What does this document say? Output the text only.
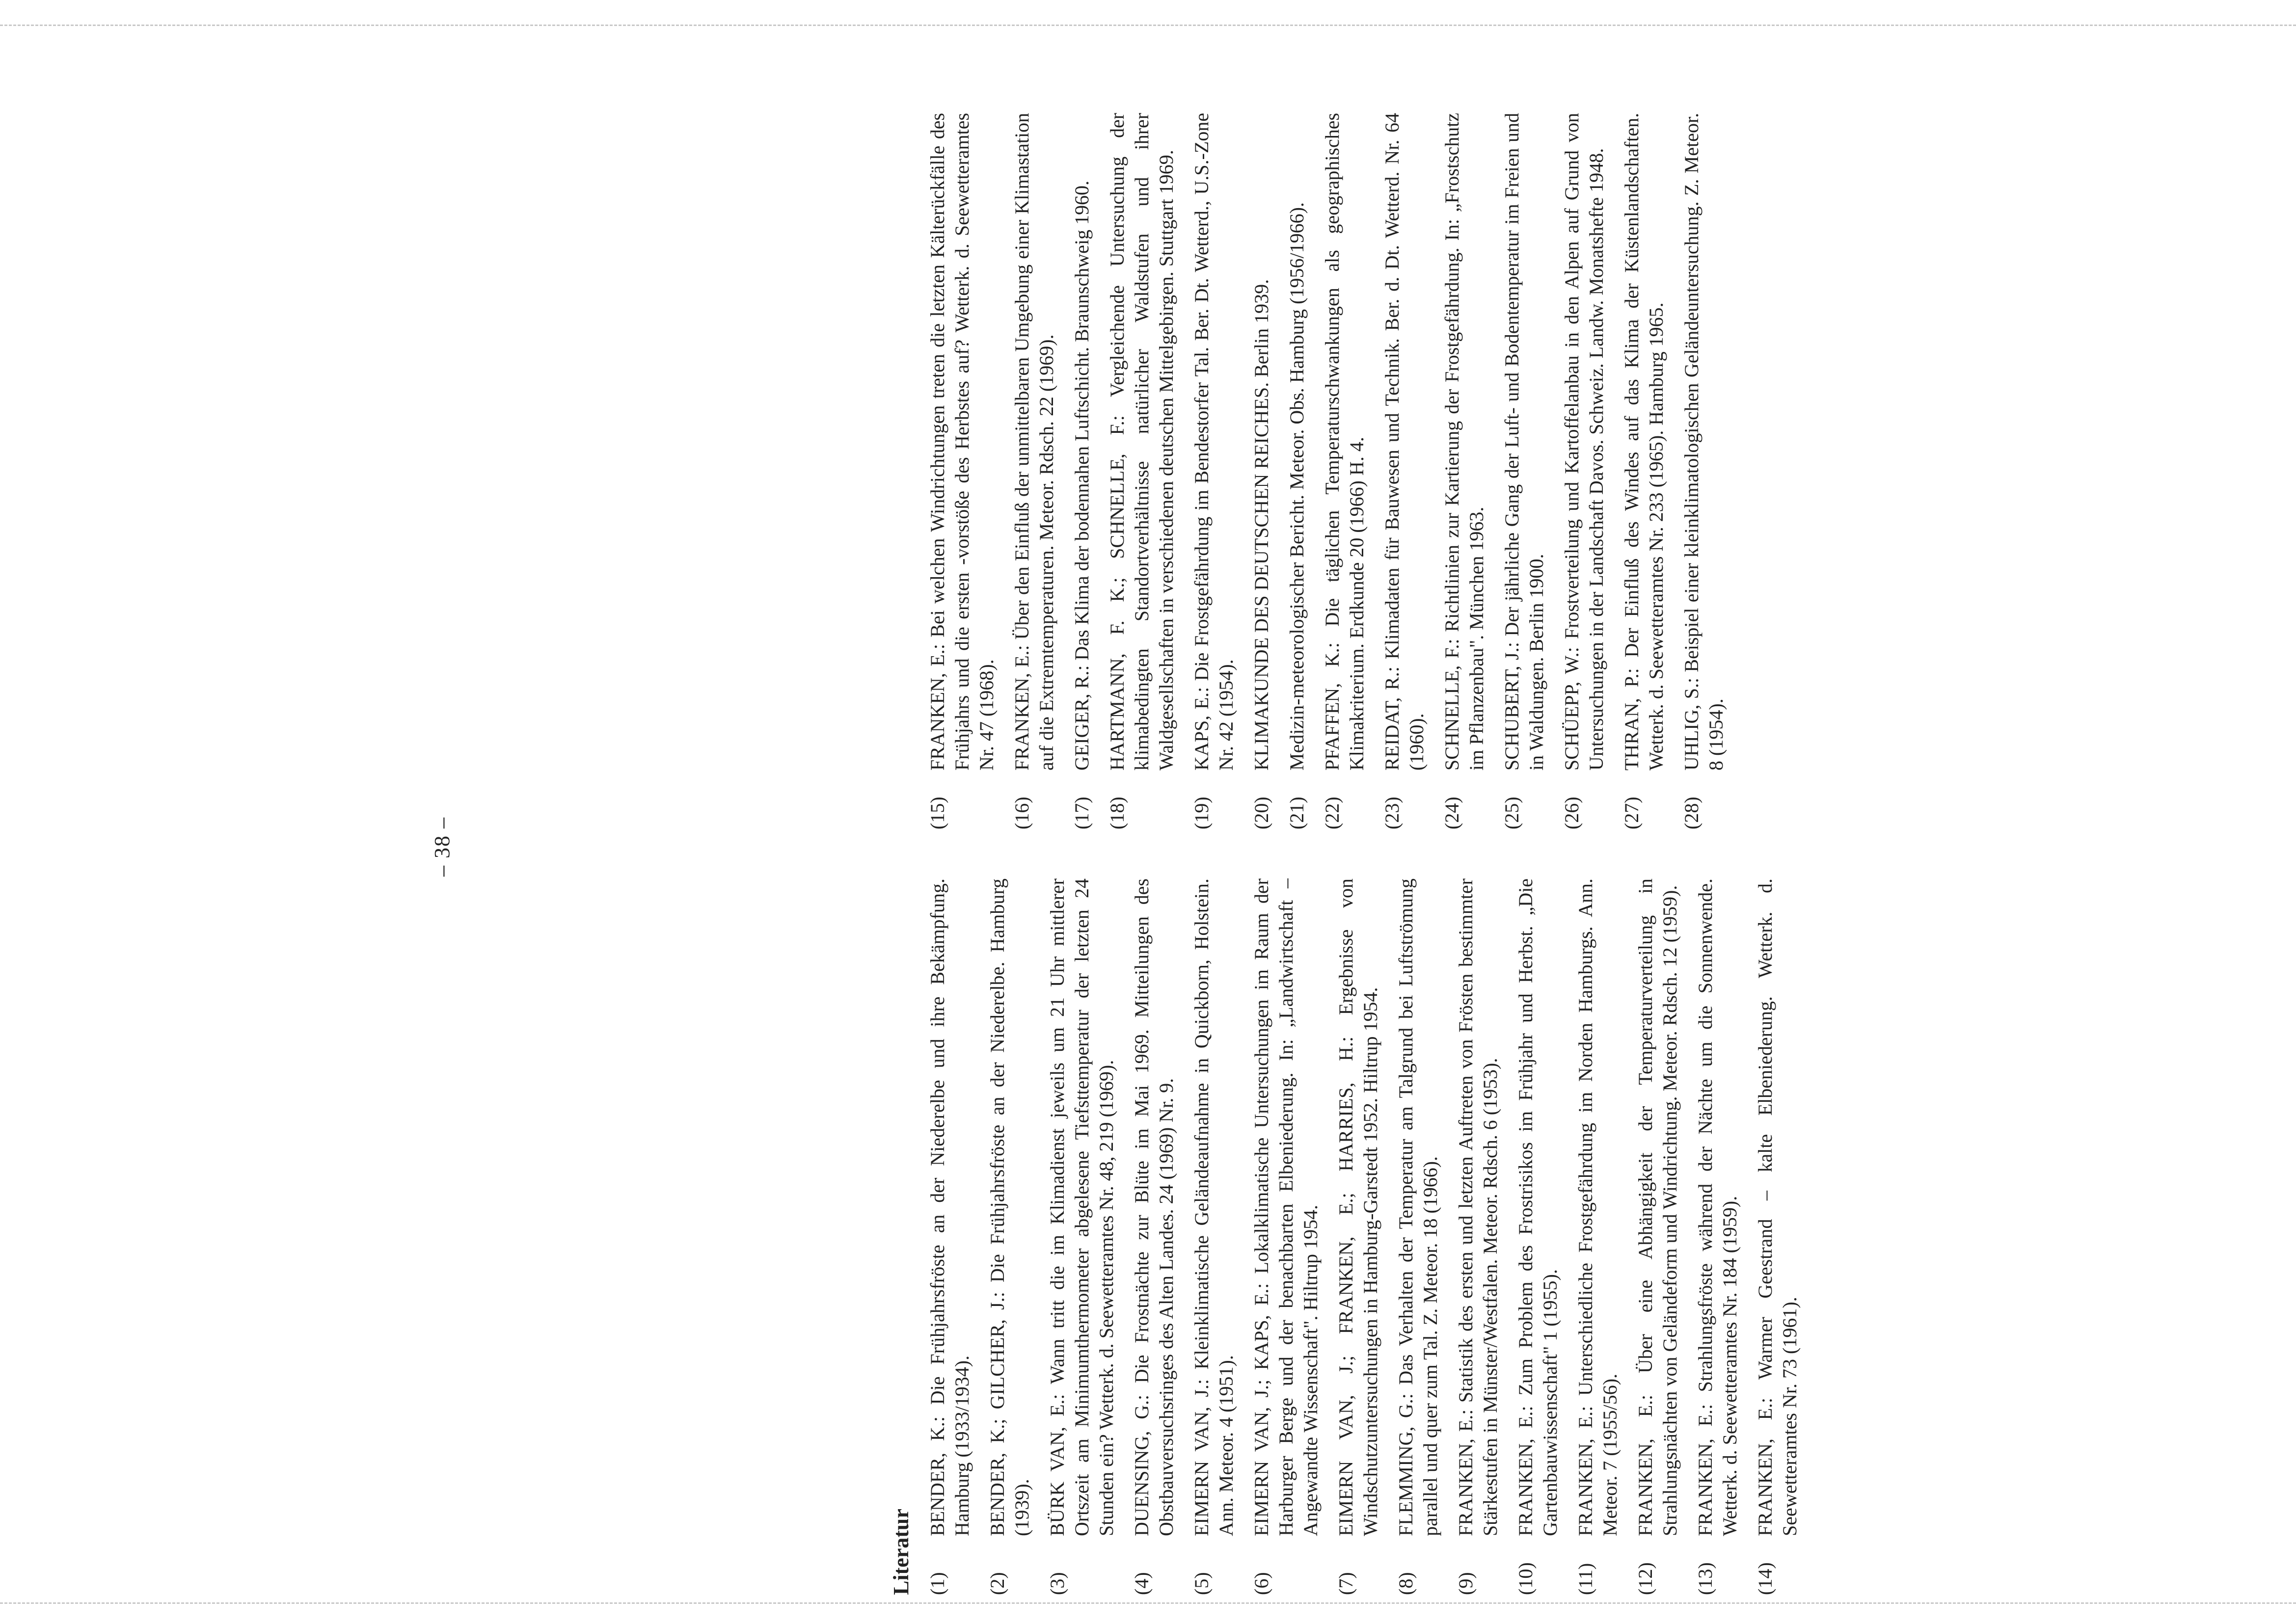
– 38 –
Literatur (1)
BENDER, K.: Die Frühjahrsfröste an der Niederelbe und ihre Bekämpfung. Hamburg (1933/1934).
(2)
BENDER, K.; GILCHER, J.: Die Frühjahrsfröste an der Niederelbe. Hamburg (1939).
(3)
BÜRK VAN, E.: Wann tritt die im Klimadienst jeweils um 21 Uhr mittlerer Ortszeit am Minimumthermometer abgelesene Tiefsttemperatur der letzten 24 Stunden ein? Wetterk. d. Seewetteramtes Nr. 48, 219 (1969).
(4)
DUENSING, G.: Die Frostnächte zur Blüte im Mai 1969. Mitteilungen des Obstbauversuchsringes des Alten Landes. 24 (1969) Nr. 9.
(5)
EIMERN VAN, J.: Kleinklimatische Geländeaufnahme in Quickborn, Holstein. Ann. Meteor. 4 (1951).
(6)
EIMERN VAN, J.; KAPS, E.: Lokalklimatische Untersuchungen im Raum der Harburger Berge und der benachbarten Elbeniederung. In: „Landwirtschaft – Angewandte Wissenschaft". Hiltrup 1954.
(7)
EIMERN VAN, J.; FRANKEN, E.; HARRIES, H.: Ergebnisse von Windschutzuntersuchungen in Hamburg-Garstedt 1952. Hiltrup 1954.
(8)
FLEMMING, G.: Das Verhalten der Temperatur am Talgrund bei Luftströmung parallel und quer zum Tal. Z. Meteor. 18 (1966).
(9)
FRANKEN, E.: Statistik des ersten und letzten Auftreten von Frösten bestimmter Stärkestufen in Münster/Westfalen. Meteor. Rdsch. 6 (1953).
(10)
FRANKEN, E.: Zum Problem des Frostrisikos im Frühjahr und Herbst. „Die Gartenbauwissenschaft" 1 (1955).
(11)
FRANKEN, E.: Unterschiedliche Frostgefährdung im Norden Hamburgs. Ann. Meteor. 7 (1955/56).
(12)
FRANKEN, E.: Über eine Abhängigkeit der Temperaturverteilung in Strahlungsnächten von Geländeform und Windrichtung. Meteor. Rdsch. 12 (1959).
(13)
FRANKEN, E.: Strahlungsfröste während der Nächte um die Sonnenwende. Wetterk. d. Seewetteramtes Nr. 184 (1959).
(14)
FRANKEN, E.: Warmer Geestrand – kalte Elbeniederung. Wetterk. d. Seewetteramtes Nr. 73 (1961).
(15)
FRANKEN, E.: Bei welchen Windrichtungen treten die letzten Kälterückfälle des Frühjahrs und die ersten -vorstöße des Herbstes auf? Wetterk. d. Seewetteramtes Nr. 47 (1968).
(16)
FRANKEN, E.: Über den Einfluß der unmittelbaren Umgebung einer Klimastation auf die Extremtemperaturen. Meteor. Rdsch. 22 (1969).
(17)
GEIGER, R.: Das Klima der bodennahen Luftschicht. Braunschweig 1960.
(18)
HARTMANN, F. K.; SCHNELLE, F.: Vergleichende Untersuchung der klimabedingten Standortverhältnisse natürlicher Waldstufen und ihrer Waldgesellschaften in verschiedenen deutschen Mittelgebirgen. Stuttgart 1969.
(19)
KAPS, E.: Die Frostgefährdung im Bendestorfer Tal. Ber. Dt. Wetterd., U.S.-Zone Nr. 42 (1954).
(20)
KLIMAKUNDE DES DEUTSCHEN REICHES. Berlin 1939.
(21)
Medizin-meteorologischer Bericht. Meteor. Obs. Hamburg (1956/1966).
(22)
PFAFFEN, K.: Die täglichen Temperaturschwankungen als geographisches Klimakriterium. Erdkunde 20 (1966) H. 4.
(23)
REIDAT, R.: Klimadaten für Bauwesen und Technik. Ber. d. Dt. Wetterd. Nr. 64 (1960).
(24)
SCHNELLE, F.: Richtlinien zur Kartierung der Frostgefährdung. In: „Frostschutz im Pflanzenbau". München 1963.
(25)
SCHUBERT, J.: Der jährliche Gang der Luft- und Bodentemperatur im Freien und in Waldungen. Berlin 1900.
(26)
SCHÜEPP, W.: Frostverteilung und Kartoffelanbau in den Alpen auf Grund von Untersuchungen in der Landschaft Davos. Schweiz. Landw. Monatshefte 1948.
(27)
THRAN, P.: Der Einfluß des Windes auf das Klima der Küstenlandschaften. Wetterk. d. Seewetteramtes Nr. 233 (1965). Hamburg 1965.
(28)
UHLIG, S.: Beispiel einer kleinklimatologischen Geländeuntersuchung. Z. Meteor. 8 (1954).
